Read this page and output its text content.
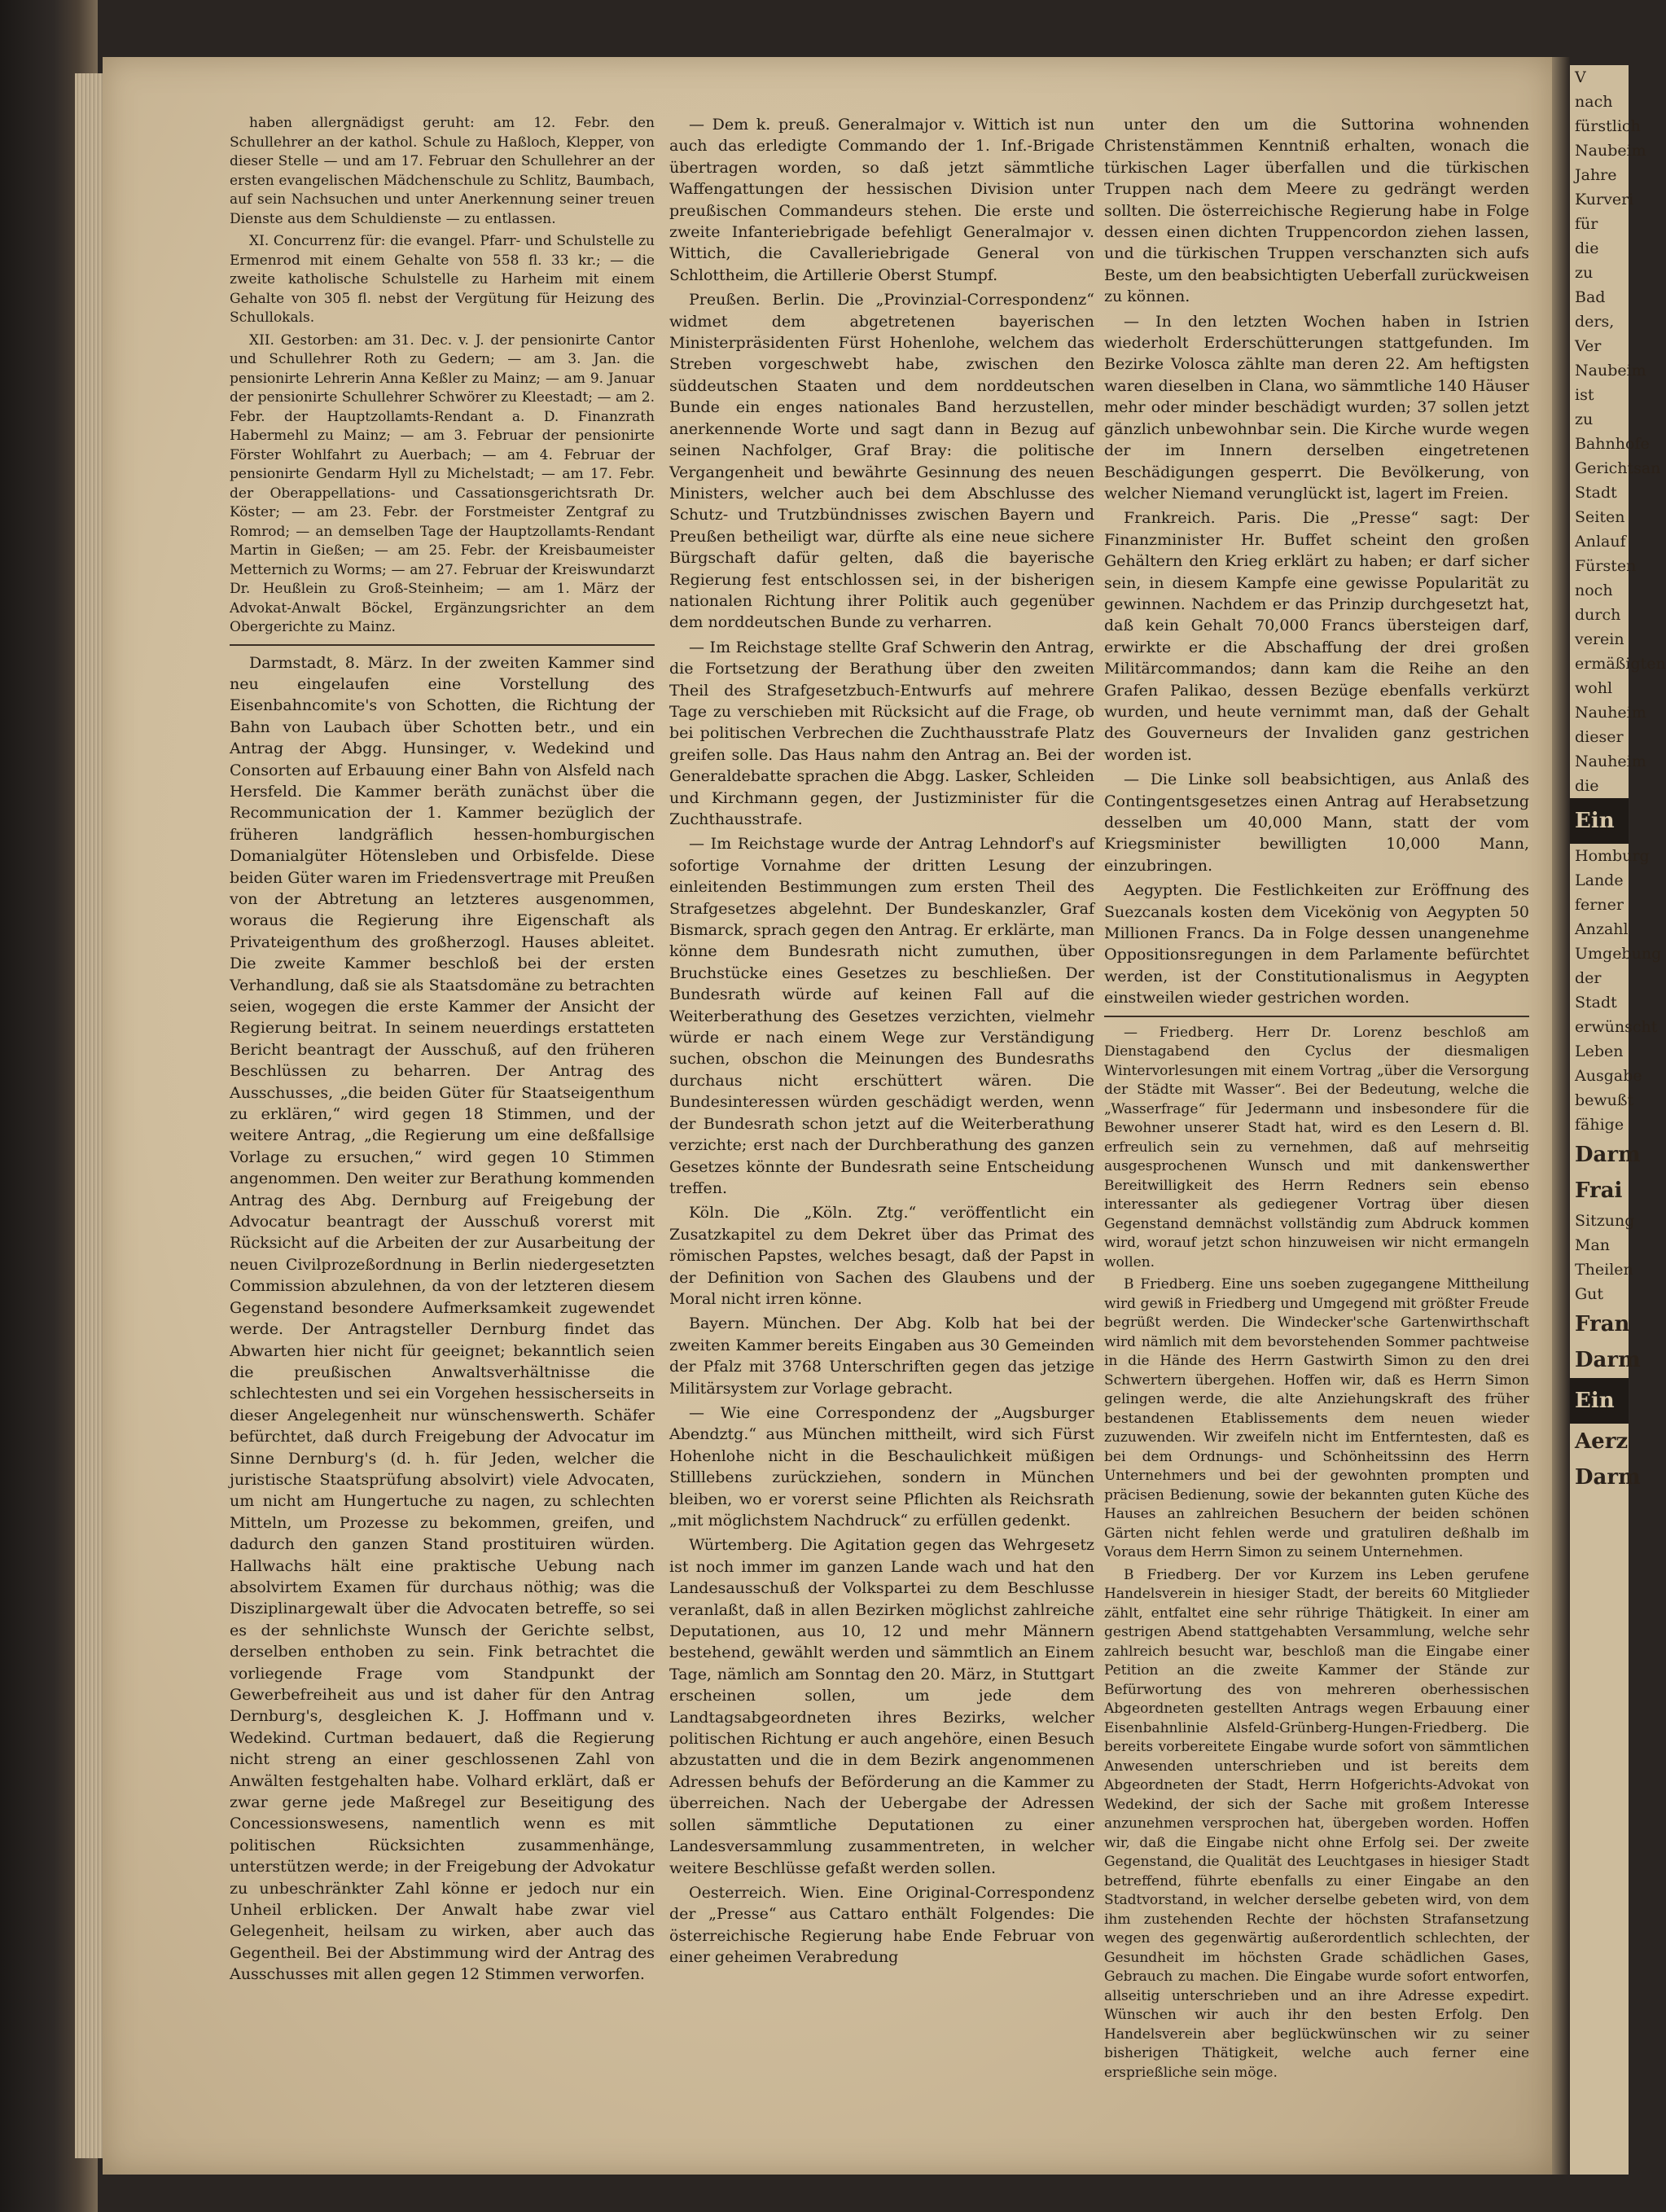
haben allergnädigst geruht: am 12. Febr. den Schullehrer an der kathol. Schule zu Haßloch, Klepper, von dieser Stelle — und am 17. Februar den Schullehrer an der ersten evangelischen Mädchenschule zu Schlitz, Baumbach, auf sein Nachsuchen und unter Anerkennung seiner treuen Dienste aus dem Schuldienste — zu entlassen.

XI. Concurrenz für: die evangel. Pfarr- und Schulstelle zu Ermenrod mit einem Gehalte von 558 fl. 33 kr.; — die zweite katholische Schulstelle zu Harheim mit einem Gehalte von 305 fl. nebst der Vergütung für Heizung des Schullokals.

XII. Gestorben: am 31. Dec. v. J. der pensionirte Cantor und Schullehrer Roth zu Gedern; — am 3. Jan. die pensionirte Lehrerin Anna Keßler zu Mainz; — am 9. Januar der pensionirte Schullehrer Schwörer zu Kleestadt; — am 2. Febr. der Hauptzollamts-Rendant a. D. Finanzrath Habermehl zu Mainz; — am 3. Februar der pensionirte Förster Wohlfahrt zu Auerbach; — am 4. Februar der pensionirte Gendarm Hyll zu Michelstadt; — am 17. Febr. der Oberappellations- und Cassationsgerichtsrath Dr. Köster; — am 23. Febr. der Forstmeister Zentgraf zu Romrod; — an demselben Tage der Hauptzollamts-Rendant Martin in Gießen; — am 25. Febr. der Kreisbaumeister Metternich zu Worms; — am 27. Februar der Kreiswundarzt Dr. Heußlein zu Groß-Steinheim; — am 1. März der Advokat-Anwalt Böckel, Ergänzungsrichter an dem Obergerichte zu Mainz.

Darmstadt, 8. März. In der zweiten Kammer sind neu eingelaufen eine Vorstellung des Eisenbahncomite's von Schotten, die Richtung der Bahn von Laubach über Schotten betr., und ein Antrag der Abgg. Hunsinger, v. Wedekind und Consorten auf Erbauung einer Bahn von Alsfeld nach Hersfeld. Die Kammer beräth zunächst über die Recommunication der 1. Kammer bezüglich der früheren landgräflich hessen-homburgischen Domanialgüter Hötensleben und Orbisfelde. Diese beiden Güter waren im Friedensvertrage mit Preußen von der Abtretung an letzteres ausgenommen, woraus die Regierung ihre Eigenschaft als Privateigenthum des großherzogl. Hauses ableitet. Die zweite Kammer beschloß bei der ersten Verhandlung, daß sie als Staatsdomäne zu betrachten seien, wogegen die erste Kammer der Ansicht der Regierung beitrat. In seinem neuerdings erstatteten Bericht beantragt der Ausschuß, auf den früheren Beschlüssen zu beharren. Der Antrag des Ausschusses, „die beiden Güter für Staatseigenthum zu erklären,“ wird gegen 18 Stimmen, und der weitere Antrag, „die Regierung um eine deßfallsige Vorlage zu ersuchen,“ wird gegen 10 Stimmen angenommen. Den weiter zur Berathung kommenden Antrag des Abg. Dernburg auf Freigebung der Advocatur beantragt der Ausschuß vorerst mit Rücksicht auf die Arbeiten der zur Ausarbeitung der neuen Civilprozeßordnung in Berlin niedergesetzten Commission abzulehnen, da von der letzteren diesem Gegenstand besondere Aufmerksamkeit zugewendet werde. Der Antragsteller Dernburg findet das Abwarten hier nicht für geeignet; bekanntlich seien die preußischen Anwaltsverhältnisse die schlechtesten und sei ein Vorgehen hessischerseits in dieser Angelegenheit nur wünschenswerth. Schäfer befürchtet, daß durch Freigebung der Advocatur im Sinne Dernburg's (d. h. für Jeden, welcher die juristische Staatsprüfung absolvirt) viele Advocaten, um nicht am Hungertuche zu nagen, zu schlechten Mitteln, um Prozesse zu bekommen, greifen, und dadurch den ganzen Stand prostituiren würden. Hallwachs hält eine praktische Uebung nach absolvirtem Examen für durchaus nöthig; was die Disziplinargewalt über die Advocaten betreffe, so sei es der sehnlichste Wunsch der Gerichte selbst, derselben enthoben zu sein. Fink betrachtet die vorliegende Frage vom Standpunkt der Gewerbefreiheit aus und ist daher für den Antrag Dernburg's, desgleichen K. J. Hoffmann und v. Wedekind. Curtman bedauert, daß die Regierung nicht streng an einer geschlossenen Zahl von Anwälten festgehalten habe. Volhard erklärt, daß er zwar gerne jede Maßregel zur Beseitigung des Concessionswesens, namentlich wenn es mit politischen Rücksichten zusammenhänge, unterstützen werde; in der Freigebung der Advokatur zu unbeschränkter Zahl könne er jedoch nur ein Unheil erblicken. Der Anwalt habe zwar viel Gelegenheit, heilsam zu wirken, aber auch das Gegentheil. Bei der Abstimmung wird der Antrag des Ausschusses mit allen gegen 12 Stimmen verworfen.

— Dem k. preuß. Generalmajor v. Wittich ist nun auch das erledigte Commando der 1. Inf.-Brigade übertragen worden, so daß jetzt sämmtliche Waffengattungen der hessischen Division unter preußischen Commandeurs stehen. Die erste und zweite Infanteriebrigade befehligt Generalmajor v. Wittich, die Cavalleriebrigade General von Schlottheim, die Artillerie Oberst Stumpf.

Preußen. Berlin. Die „Provinzial-Correspondenz“ widmet dem abgetretenen bayerischen Ministerpräsidenten Fürst Hohenlohe, welchem das Streben vorgeschwebt habe, zwischen den süddeutschen Staaten und dem norddeutschen Bunde ein enges nationales Band herzustellen, anerkennende Worte und sagt dann in Bezug auf seinen Nachfolger, Graf Bray: die politische Vergangenheit und bewährte Gesinnung des neuen Ministers, welcher auch bei dem Abschlusse des Schutz- und Trutzbündnisses zwischen Bayern und Preußen betheiligt war, dürfte als eine neue sichere Bürgschaft dafür gelten, daß die bayerische Regierung fest entschlossen sei, in der bisherigen nationalen Richtung ihrer Politik auch gegenüber dem norddeutschen Bunde zu verharren.

— Im Reichstage stellte Graf Schwerin den Antrag, die Fortsetzung der Berathung über den zweiten Theil des Strafgesetzbuch-Entwurfs auf mehrere Tage zu verschieben mit Rücksicht auf die Frage, ob bei politischen Verbrechen die Zuchthausstrafe Platz greifen solle. Das Haus nahm den Antrag an. Bei der Generaldebatte sprachen die Abgg. Lasker, Schleiden und Kirchmann gegen, der Justizminister für die Zuchthausstrafe.

— Im Reichstage wurde der Antrag Lehndorf's auf sofortige Vornahme der dritten Lesung der einleitenden Bestimmungen zum ersten Theil des Strafgesetzes abgelehnt. Der Bundeskanzler, Graf Bismarck, sprach gegen den Antrag. Er erklärte, man könne dem Bundesrath nicht zumuthen, über Bruchstücke eines Gesetzes zu beschließen. Der Bundesrath würde auf keinen Fall auf die Weiterberathung des Gesetzes verzichten, vielmehr würde er nach einem Wege zur Verständigung suchen, obschon die Meinungen des Bundesraths durchaus nicht erschüttert wären. Die Bundesinteressen würden geschädigt werden, wenn der Bundesrath schon jetzt auf die Weiterberathung verzichte; erst nach der Durchberathung des ganzen Gesetzes könnte der Bundesrath seine Entscheidung treffen.

Köln. Die „Köln. Ztg.“ veröffentlicht ein Zusatzkapitel zu dem Dekret über das Primat des römischen Papstes, welches besagt, daß der Papst in der Definition von Sachen des Glaubens und der Moral nicht irren könne.

Bayern. München. Der Abg. Kolb hat bei der zweiten Kammer bereits Eingaben aus 30 Gemeinden der Pfalz mit 3768 Unterschriften gegen das jetzige Militärsystem zur Vorlage gebracht.

— Wie eine Correspondenz der „Augsburger Abendztg.“ aus München mittheilt, wird sich Fürst Hohenlohe nicht in die Beschaulichkeit müßigen Stilllebens zurückziehen, sondern in München bleiben, wo er vorerst seine Pflichten als Reichsrath „mit möglichstem Nachdruck“ zu erfüllen gedenkt.

Würtemberg. Die Agitation gegen das Wehrgesetz ist noch immer im ganzen Lande wach und hat den Landesausschuß der Volkspartei zu dem Beschlusse veranlaßt, daß in allen Bezirken möglichst zahlreiche Deputationen, aus 10, 12 und mehr Männern bestehend, gewählt werden und sämmtlich an Einem Tage, nämlich am Sonntag den 20. März, in Stuttgart erscheinen sollen, um jede dem Landtagsabgeordneten ihres Bezirks, welcher politischen Richtung er auch angehöre, einen Besuch abzustatten und die in dem Bezirk angenommenen Adressen behufs der Beförderung an die Kammer zu überreichen. Nach der Uebergabe der Adressen sollen sämmtliche Deputationen zu einer Landesversammlung zusammentreten, in welcher weitere Beschlüsse gefaßt werden sollen.

Oesterreich. Wien. Eine Original-Correspondenz der „Presse“ aus Cattaro enthält Folgendes: Die österreichische Regierung habe Ende Februar von einer geheimen Verabredung

unter den um die Suttorina wohnenden Christenstämmen Kenntniß erhalten, wonach die türkischen Lager überfallen und die türkischen Truppen nach dem Meere zu gedrängt werden sollten. Die österreichische Regierung habe in Folge dessen einen dichten Truppencordon ziehen lassen, und die türkischen Truppen verschanzten sich aufs Beste, um den beabsichtigten Ueberfall zurückweisen zu können.

— In den letzten Wochen haben in Istrien wiederholt Erderschütterungen stattgefunden. Im Bezirke Volosca zählte man deren 22. Am heftigsten waren dieselben in Clana, wo sämmtliche 140 Häuser mehr oder minder beschädigt wurden; 37 sollen jetzt gänzlich unbewohnbar sein. Die Kirche wurde wegen der im Innern derselben eingetretenen Beschädigungen gesperrt. Die Bevölkerung, von welcher Niemand verunglückt ist, lagert im Freien.

Frankreich. Paris. Die „Presse“ sagt: Der Finanzminister Hr. Buffet scheint den großen Gehältern den Krieg erklärt zu haben; er darf sicher sein, in diesem Kampfe eine gewisse Popularität zu gewinnen. Nachdem er das Prinzip durchgesetzt hat, daß kein Gehalt 70,000 Francs übersteigen darf, erwirkte er die Abschaffung der drei großen Militärcommandos; dann kam die Reihe an den Grafen Palikao, dessen Bezüge ebenfalls verkürzt wurden, und heute vernimmt man, daß der Gehalt des Gouverneurs der Invaliden ganz gestrichen worden ist.

— Die Linke soll beabsichtigen, aus Anlaß des Contingentsgesetzes einen Antrag auf Herabsetzung desselben um 40,000 Mann, statt der vom Kriegsminister bewilligten 10,000 Mann, einzubringen.

Aegypten. Die Festlichkeiten zur Eröffnung des Suezcanals kosten dem Vicekönig von Aegypten 50 Millionen Francs. Da in Folge dessen unangenehme Oppositionsregungen in dem Parlamente befürchtet werden, ist der Constitutionalismus in Aegypten einstweilen wieder gestrichen worden.

— Friedberg. Herr Dr. Lorenz beschloß am Dienstagabend den Cyclus der diesmaligen Wintervorlesungen mit einem Vortrag „über die Versorgung der Städte mit Wasser“. Bei der Bedeutung, welche die „Wasserfrage“ für Jedermann und insbesondere für die Bewohner unserer Stadt hat, wird es den Lesern d. Bl. erfreulich sein zu vernehmen, daß auf mehrseitig ausgesprochenen Wunsch und mit dankenswerther Bereitwilligkeit des Herrn Redners sein ebenso interessanter als gediegener Vortrag über diesen Gegenstand demnächst vollständig zum Abdruck kommen wird, worauf jetzt schon hinzuweisen wir nicht ermangeln wollen.

B Friedberg. Eine uns soeben zugegangene Mittheilung wird gewiß in Friedberg und Umgegend mit größter Freude begrüßt werden. Die Windecker'sche Gartenwirthschaft wird nämlich mit dem bevorstehenden Sommer pachtweise in die Hände des Herrn Gastwirth Simon zu den drei Schwertern übergehen. Hoffen wir, daß es Herrn Simon gelingen werde, die alte Anziehungskraft des früher bestandenen Etablissements dem neuen wieder zuzuwenden. Wir zweifeln nicht im Entferntesten, daß es bei dem Ordnungs- und Schönheitssinn des Herrn Unternehmers und bei der gewohnten prompten und präcisen Bedienung, sowie der bekannten guten Küche des Hauses an zahlreichen Besuchern der beiden schönen Gärten nicht fehlen werde und gratuliren deßhalb im Voraus dem Herrn Simon zu seinem Unternehmen.

B Friedberg. Der vor Kurzem ins Leben gerufene Handelsverein in hiesiger Stadt, der bereits 60 Mitglieder zählt, entfaltet eine sehr rührige Thätigkeit. In einer am gestrigen Abend stattgehabten Versammlung, welche sehr zahlreich besucht war, beschloß man die Eingabe einer Petition an die zweite Kammer der Stände zur Befürwortung des von mehreren oberhessischen Abgeordneten gestellten Antrags wegen Erbauung einer Eisenbahnlinie Alsfeld-Grünberg-Hungen-Friedberg. Die bereits vorbereitete Eingabe wurde sofort von sämmtlichen Anwesenden unterschrieben und ist bereits dem Abgeordneten der Stadt, Herrn Hofgerichts-Advokat von Wedekind, der sich der Sache mit großem Interesse anzunehmen versprochen hat, übergeben worden. Hoffen wir, daß die Eingabe nicht ohne Erfolg sei. Der zweite Gegenstand, die Qualität des Leuchtgases in hiesiger Stadt betreffend, führte ebenfalls zu einer Eingabe an den Stadtvorstand, in welcher derselbe gebeten wird, von dem ihm zustehenden Rechte der höchsten Strafansetzung wegen des gegenwärtig außerordentlich schlechten, der Gesundheit im höchsten Grade schädlichen Gases, Gebrauch zu machen. Die Eingabe wurde sofort entworfen, allseitig unterschrieben und an ihre Adresse expedirt. Wünschen wir auch ihr den besten Erfolg. Den Handelsverein aber beglückwünschen wir zu seiner bisherigen Thätigkeit, welche auch ferner eine ersprießliche sein möge.

V
nach
fürstlich
Naubeim
Jahre
Kurveri
für
die
zu
Bad
ders,
Ver
Naubeim
ist
zu
Bahnhofe
Gerichtsan
Stadt
Seiten
Anlauf
Fürsten
noch
durch
verein
ermäßigten
wohl
Nauheim
dieser
Nauheim
die
Ein
Homburg
Lande
ferner
Anzahl
Umgebung
der
Stadt
erwünscht
Leben
Ausgabe
bewußt
fähige
Darm
Frai
Sitzung
Man
Theilen
Gut
Fran
Darm
Ein
Aerz
Darm
